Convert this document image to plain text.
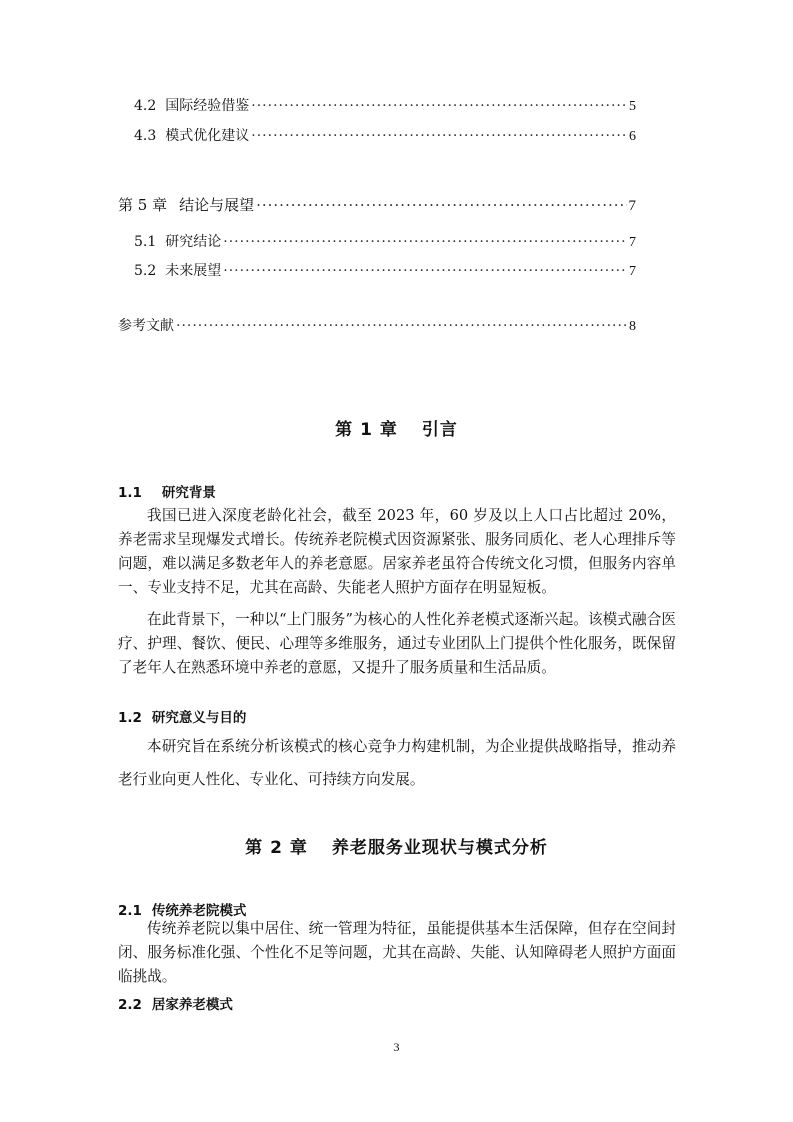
4.2 国际经验借鉴 ·····	5
4.3 模式优化建议 ·····	6
第 5 章 结论与展望 ·····	7
5.1 研究结论 ·····	7
5.2 未来展望 ·····	7
参考文献 ·····	8
第 1 章 引言
1.1 研究背景

我国已进入深度老龄化社会，截至 2023 年，60 岁及以上人口占比超过 20%，养老需求呈现爆发式增长。传统养老院模式因资源紧张、服务同质化、老人心理排斥等问题，难以满足多数老年人的养老意愿。居家养老虽符合传统文化习惯，但服务内容单一、专业支持不足，尤其在高龄、失能老人照护方面存在明显短板。

在此背景下，一种以“上门服务”为核心的人性化养老模式逐渐兴起。该模式融合医疗、护理、餐饮、便民、心理等多维服务，通过专业团队上门提供个性化服务，既保留了老年人在熟悉环境中养老的意愿，又提升了服务质量和生活品质。

1.2 研究意义与目的

本研究旨在系统分析该模式的核心竞争力构建机制，为企业提供战略指导，推动养老行业向更人性化、专业化、可持续方向发展。

第 2 章 养老服务业现状与模式分析
2.1 传统养老院模式

传统养老院以集中居住、统一管理为特征，虽能提供基本生活保障，但存在空间封闭、服务标准化强、个性化不足等问题，尤其在高龄、失能、认知障碍老人照护方面面临挑战。

2.2 居家养老模式
3
